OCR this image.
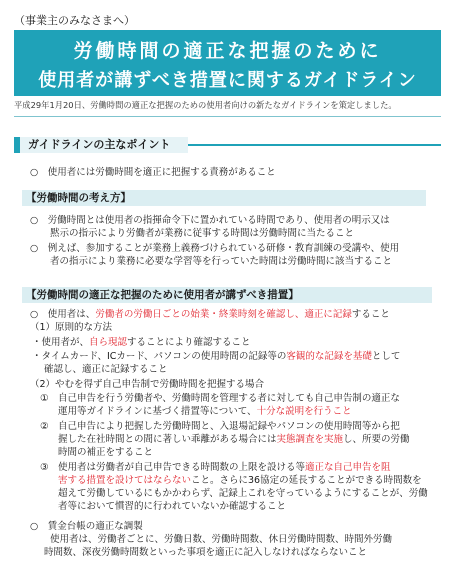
（事業主のみなさまへ）
労働時間の適正な把握のために
使用者が講ずべき措置に関するガイドライン
平成29年1月20日、労働時間の適正な把握のための使用者向けの新たなガイドラインを策定しました。
ガイドラインの主なポイント
○　使用者には労働時間を適正に把握する責務があること
【労働時間の考え方】
○　労働時間とは使用者の指揮命令下に置かれている時間であり、使用者の明示又は
黙示の指示により労働者が業務に従事する時間は労働時間に当たること
○　例えば、参加することが業務上義務づけられている研修・教育訓練の受講や、使用
者の指示により業務に必要な学習等を行っていた時間は労働時間に該当すること
【労働時間の適正な把握のために使用者が講ずべき措置】
○　使用者は、労働者の労働日ごとの始業・終業時刻を確認し、適正に記録すること
（1）原則的な方法
・使用者が、自ら現認することにより確認すること
・タイムカード、ICカード、パソコンの使用時間の記録等の客観的な記録を基礎として
確認し、適正に記録すること
（2）やむを得ず自己申告制で労働時間を把握する場合
①　自己申告を行う労働者や、労働時間を管理する者に対しても自己申告制の適正な
運用等ガイドラインに基づく措置等について、十分な説明を行うこと
②　自己申告により把握した労働時間と、入退場記録やパソコンの使用時間等から把
握した在社時間との間に著しい乖離がある場合には実態調査を実施し、所要の労働
時間の補正をすること
③　使用者は労働者が自己申告できる時間数の上限を設ける等適正な自己申告を阻
害する措置を設けてはならないこと。さらに36協定の延長することができる時間数を
超えて労働しているにもかかわらず、記録上これを守っているようにすることが、労働
者等において慣習的に行われていないか確認すること
○　賃金台帳の適正な調製
使用者は、労働者ごとに、労働日数、労働時間数、休日労働時間数、時間外労働
時間数、深夜労働時間数といった事項を適正に記入しなければならないこと
